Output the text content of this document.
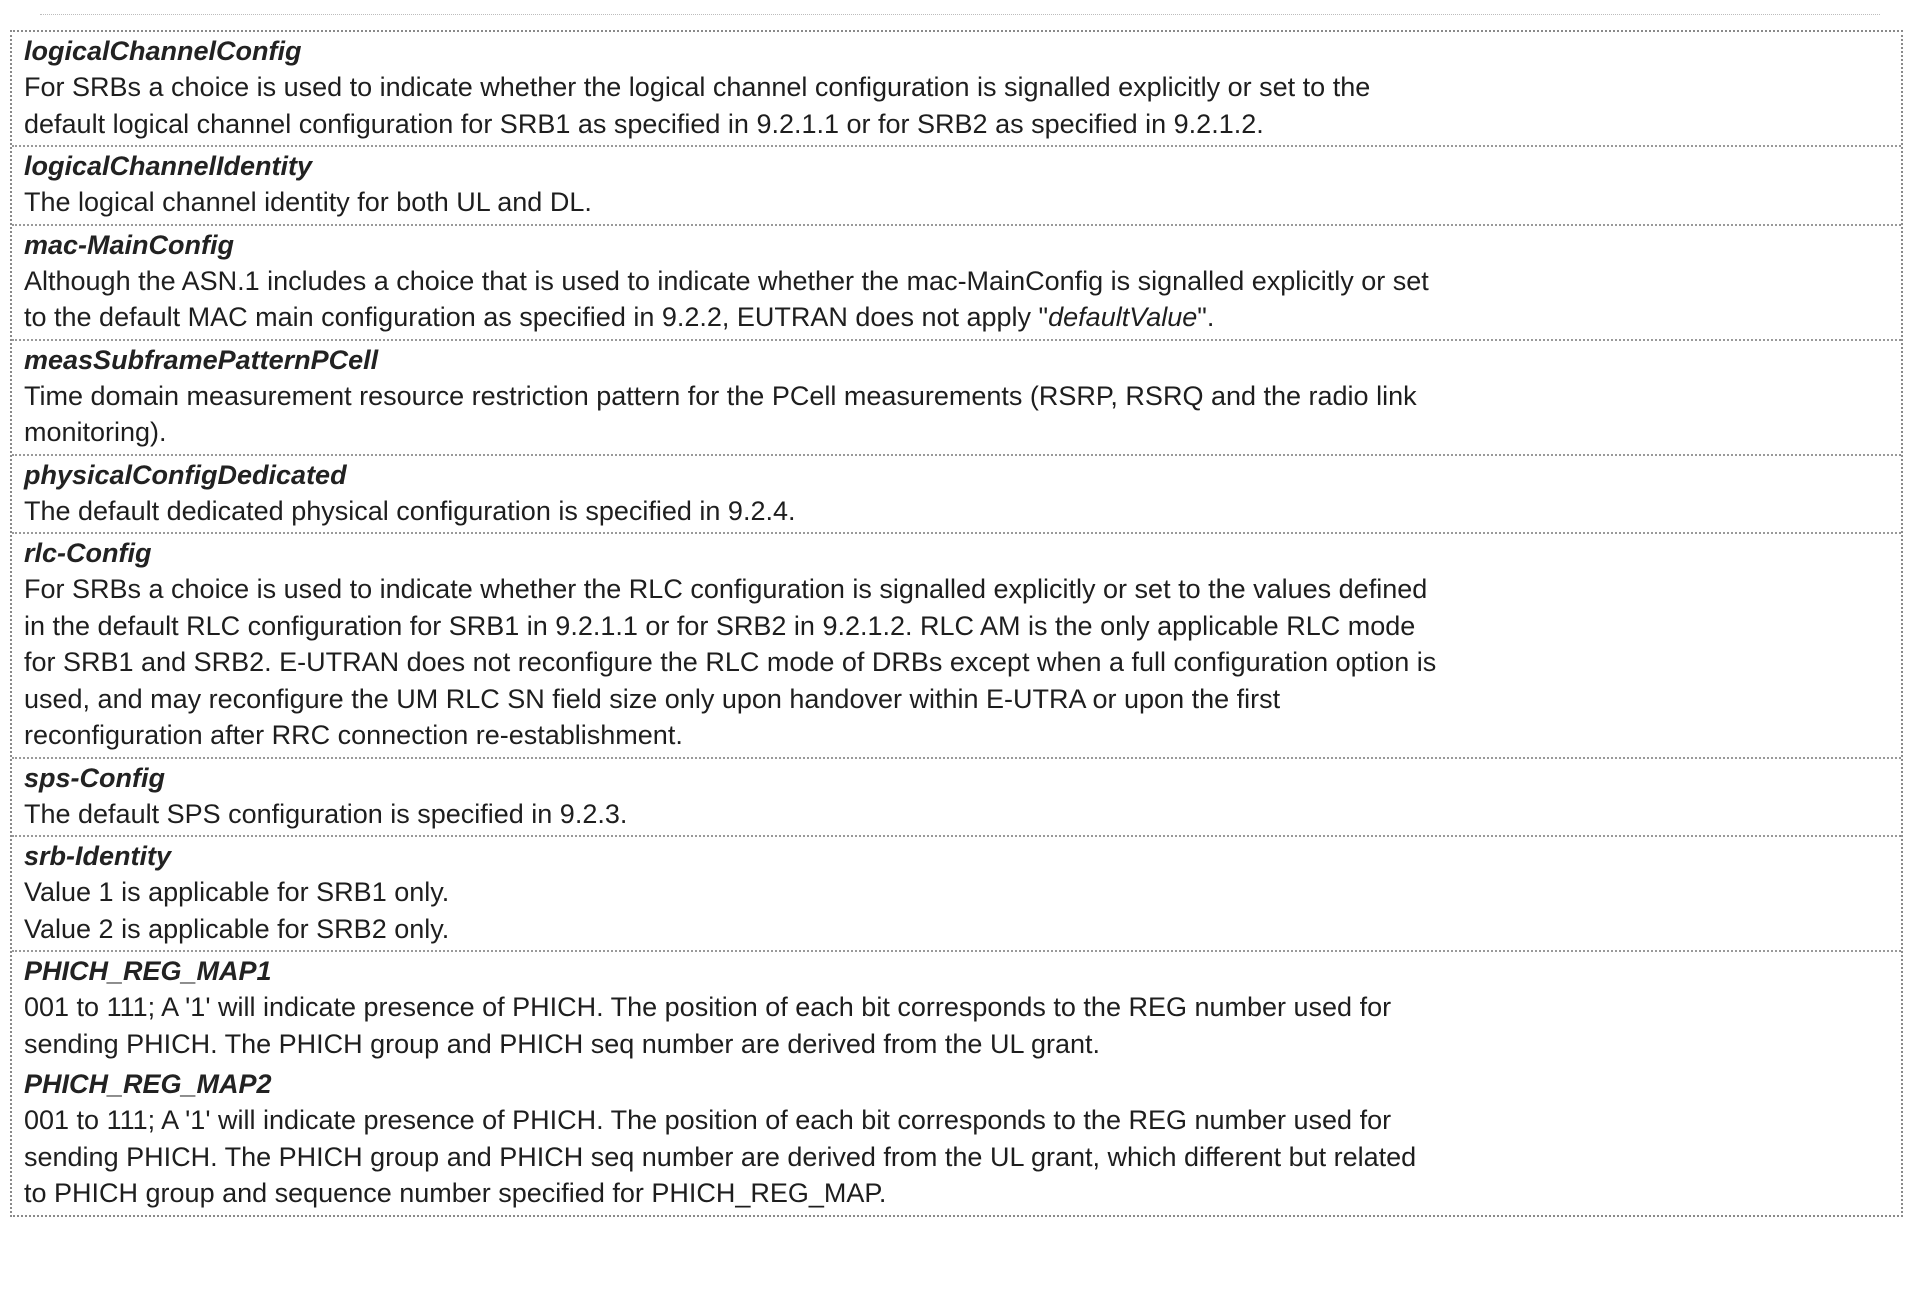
logicalChannelConfig
For SRBs a choice is used to indicate whether the logical channel configuration is signalled explicitly or set to the
default logical channel configuration for SRB1 as specified in 9.2.1.1 or for SRB2 as specified in 9.2.1.2.
logicalChannelIdentity
The logical channel identity for both UL and DL.
mac-MainConfig
Although the ASN.1 includes a choice that is used to indicate whether the mac-MainConfig is signalled explicitly or set
to the default MAC main configuration as specified in 9.2.2, EUTRAN does not apply "defaultValue".
measSubframePatternPCell
Time domain measurement resource restriction pattern for the PCell measurements (RSRP, RSRQ and the radio link
monitoring).
physicalConfigDedicated
The default dedicated physical configuration is specified in 9.2.4.
rlc-Config
For SRBs a choice is used to indicate whether the RLC configuration is signalled explicitly or set to the values defined
in the default RLC configuration for SRB1 in 9.2.1.1 or for SRB2 in 9.2.1.2. RLC AM is the only applicable RLC mode
for SRB1 and SRB2. E-UTRAN does not reconfigure the RLC mode of DRBs except when a full configuration option is
used, and may reconfigure the UM RLC SN field size only upon handover within E-UTRA or upon the first
reconfiguration after RRC connection re-establishment.
sps-Config
The default SPS configuration is specified in 9.2.3.
srb-Identity
Value 1 is applicable for SRB1 only.
Value 2 is applicable for SRB2 only.
PHICH_REG_MAP1
001 to 111; A '1' will indicate presence of PHICH. The position of each bit corresponds to the REG number used for
sending PHICH. The PHICH group and PHICH seq number are derived from the UL grant.
PHICH_REG_MAP2
001 to 111; A '1' will indicate presence of PHICH. The position of each bit corresponds to the REG number used for
sending PHICH. The PHICH group and PHICH seq number are derived from the UL grant, which different but related
to PHICH group and sequence number specified for PHICH_REG_MAP.
